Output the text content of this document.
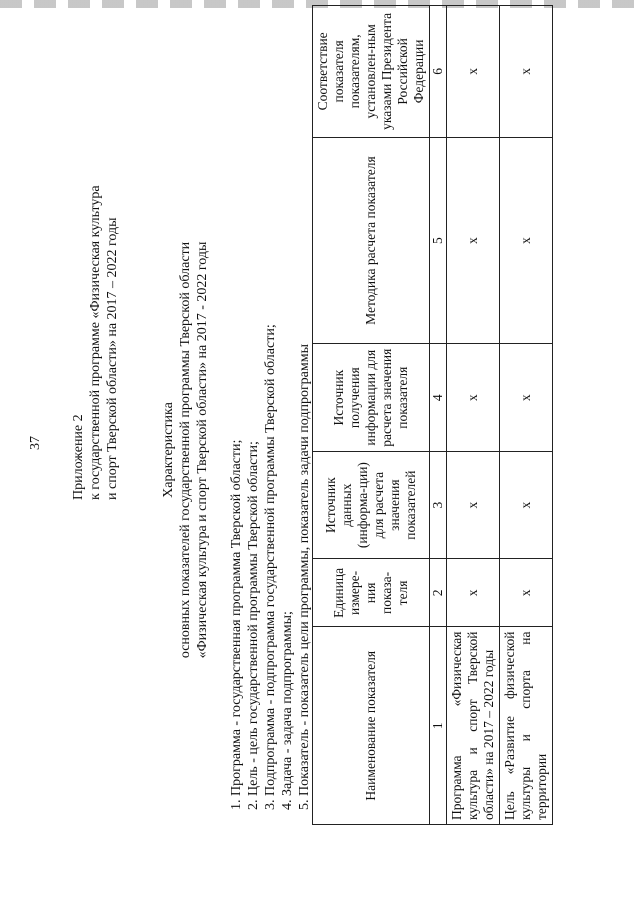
37 Приложение 2 к государственной программе «Физическая культура и спорт Тверской области» на 2017 – 2022 годы	Характеристика основных показателей государственной программы Тверской области «Физическая культура и спорт Тверской области» на 2017 - 2022 годы 1. Программа - государственная программа Тверской области; 2. Цель - цель государственной программы Тверской области; 3. Подпрограмма - подпрограмма государственной программы Тверской области; 4. Задача - задача подпрограммы; 5. Показатель - показатель цели программы, показатель задачи подпрограммы	Наименование показателя	Единица измере-ния показа-теля	Источник данных (информа-ции) для расчета значения показателей	Источник получения информации для расчета значения показателя	Методика расчета показателя	Соответствие показателя показателям, установлен-ным указами Президента Российской Федерации
1	2	3	4	5	6
Программа «Физическая культура и спорт Тверской области» на 2017 – 2022 годы	x	x	x	x	x
Цель «Развитие физической культуры и спорта на территории	x	x	x	x	x
